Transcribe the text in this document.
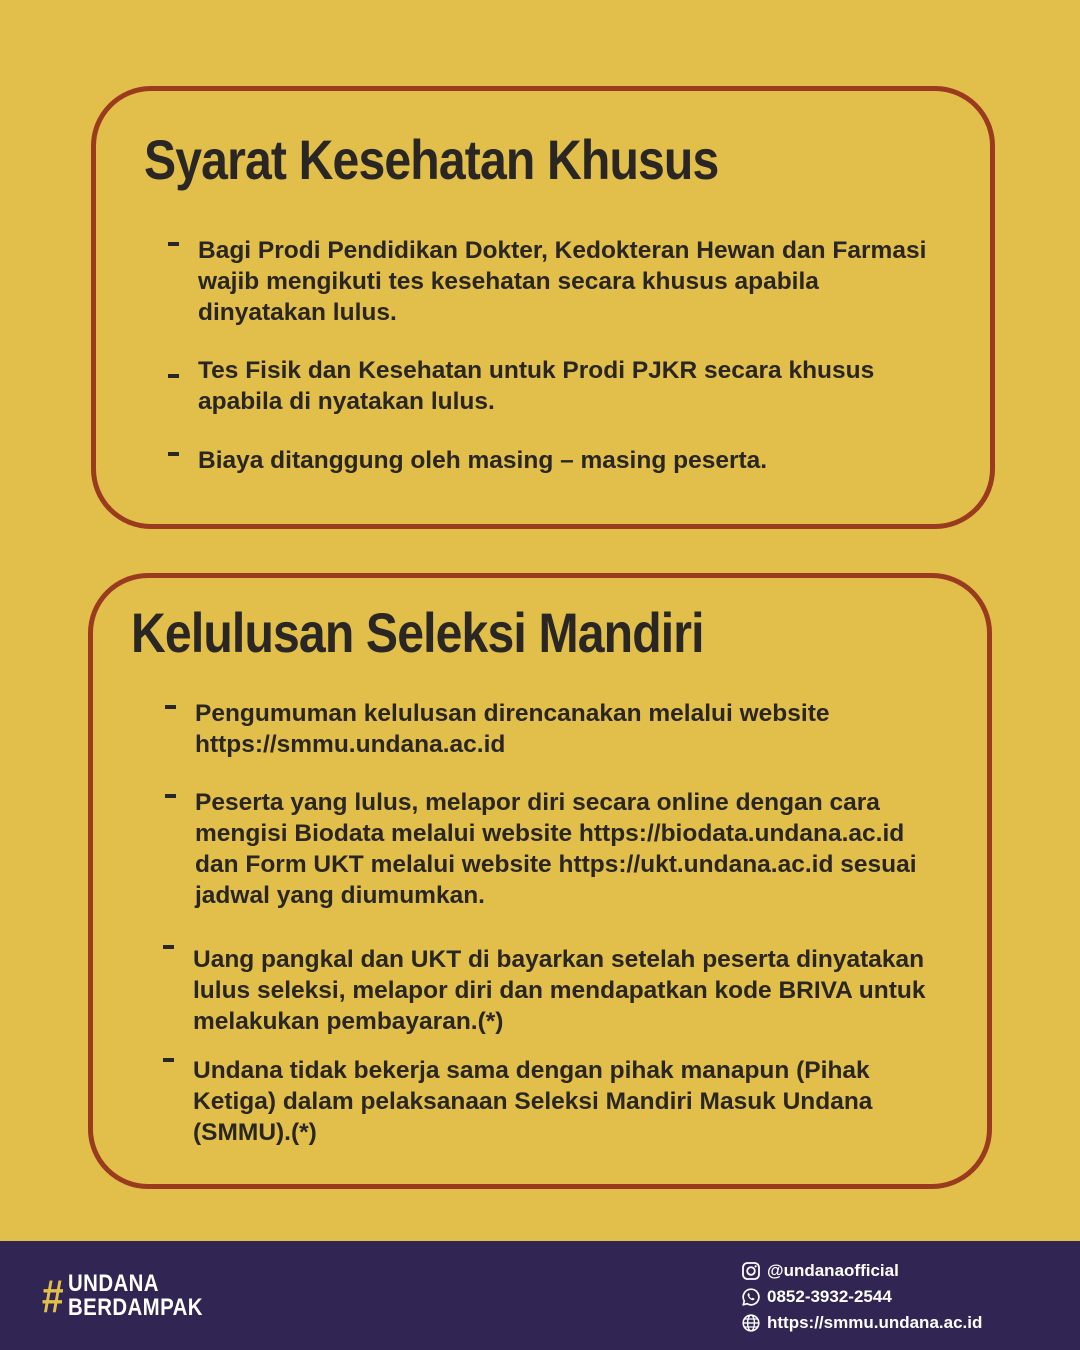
Syarat Kesehatan Khusus
Bagi Prodi Pendidikan Dokter, Kedokteran Hewan dan Farmasi
wajib mengikuti tes kesehatan secara khusus apabila
dinyatakan lulus.
Tes Fisik dan Kesehatan untuk Prodi PJKR secara khusus
apabila di nyatakan lulus.
Biaya ditanggung oleh masing – masing peserta.
Kelulusan Seleksi Mandiri
Pengumuman kelulusan direncanakan melalui website
https://smmu.undana.ac.id
Peserta yang lulus, melapor diri secara online dengan cara
mengisi Biodata melalui website https://biodata.undana.ac.id
dan Form UKT melalui website https://ukt.undana.ac.id sesuai
jadwal yang diumumkan.
Uang pangkal dan UKT di bayarkan setelah peserta dinyatakan
lulus seleksi, melapor diri dan mendapatkan kode BRIVA untuk
melakukan pembayaran.(*)
Undana tidak bekerja sama dengan pihak manapun (Pihak
Ketiga) dalam pelaksanaan Seleksi Mandiri Masuk Undana
(SMMU).(*)
# UNDANA
BERDAMPAK
@undanaofficial
0852-3932-2544
https://smmu.undana.ac.id
